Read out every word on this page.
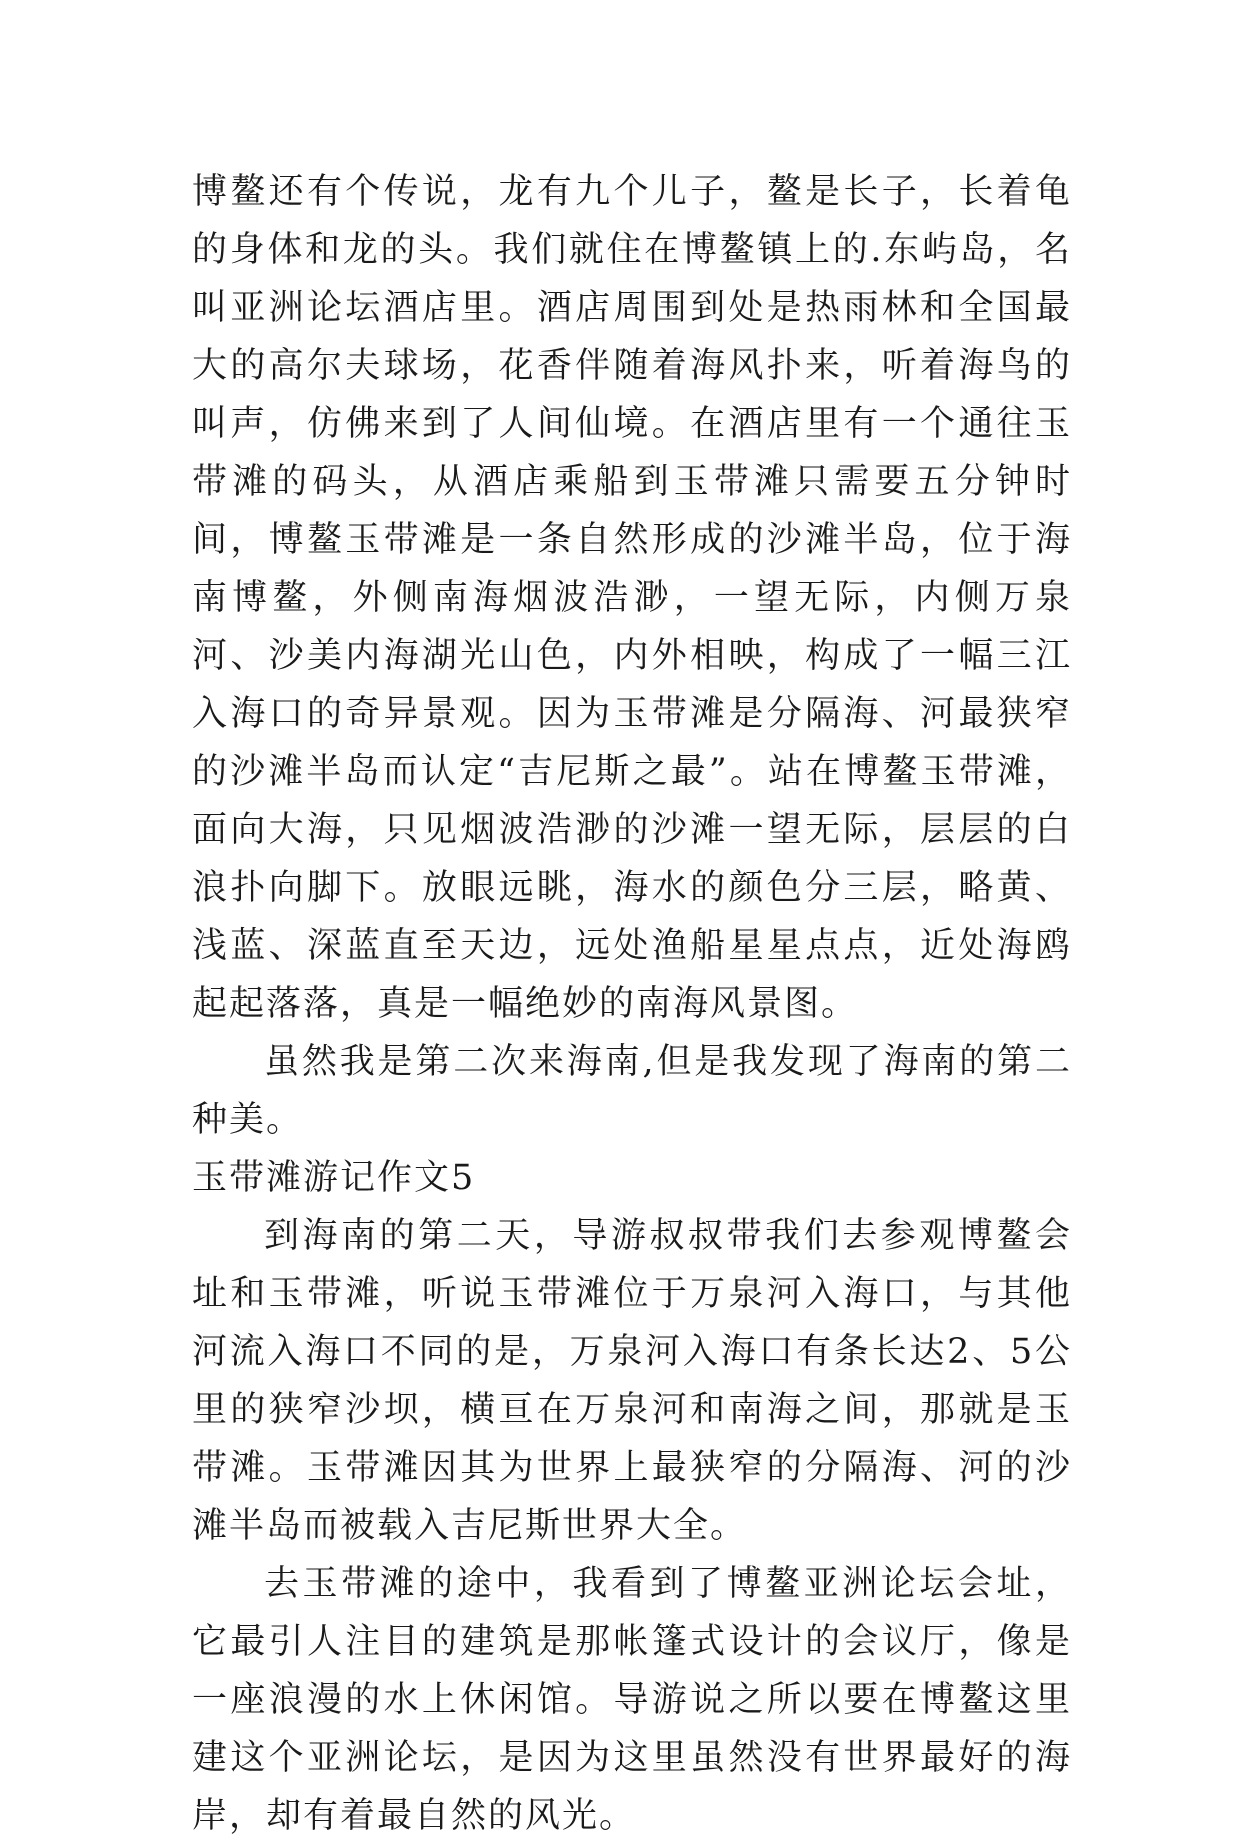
博鳌还有个传说，龙有九个儿子，鳌是长子，长着龟的身体和龙的头。我们就住在博鳌镇上的.东屿岛，名叫亚洲论坛酒店里。酒店周围到处是热雨林和全国最大的高尔夫球场，花香伴随着海风扑来，听着海鸟的叫声，仿佛来到了人间仙境。在酒店里有一个通往玉带滩的码头，从酒店乘船到玉带滩只需要五分钟时间，博鳌玉带滩是一条自然形成的沙滩半岛，位于海南博鳌，外侧南海烟波浩渺，一望无际，内侧万泉河、沙美内海湖光山色，内外相映，构成了一幅三江入海口的奇异景观。因为玉带滩是分隔海、河最狭窄的沙滩半岛而认定“吉尼斯之最”。站在博鳌玉带滩，面向大海，只见烟波浩渺的沙滩一望无际，层层的白浪扑向脚下。放眼远眺，海水的颜色分三层，略黄、浅蓝、深蓝直至天边，远处渔船星星点点，近处海鸥起起落落，真是一幅绝妙的南海风景图。

虽然我是第二次来海南,但是我发现了海南的第二种美。

玉带滩游记作文5

到海南的第二天，导游叔叔带我们去参观博鳌会址和玉带滩，听说玉带滩位于万泉河入海口，与其他河流入海口不同的是，万泉河入海口有条长达2、5公里的狭窄沙坝，横亘在万泉河和南海之间，那就是玉带滩。玉带滩因其为世界上最狭窄的分隔海、河的沙滩半岛而被载入吉尼斯世界大全。

去玉带滩的途中，我看到了博鳌亚洲论坛会址，它最引人注目的建筑是那帐篷式设计的会议厅，像是一座浪漫的水上休闲馆。导游说之所以要在博鳌这里建这个亚洲论坛，是因为这里虽然没有世界最好的海岸，却有着最自然的风光。
